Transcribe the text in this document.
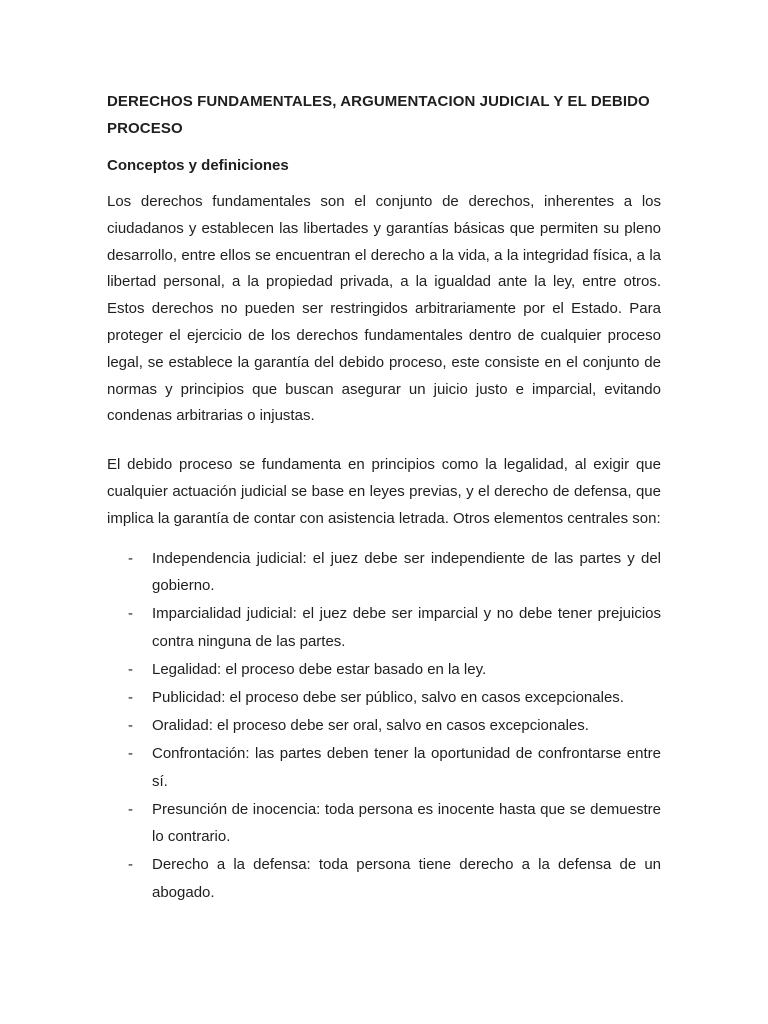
DERECHOS FUNDAMENTALES, ARGUMENTACION JUDICIAL Y EL DEBIDO PROCESO
Conceptos y definiciones

Los derechos fundamentales son el conjunto de derechos, inherentes a los ciudadanos y establecen las libertades y garantías básicas que permiten su pleno desarrollo, entre ellos se encuentran el derecho a la vida, a la integridad física, a la libertad personal, a la propiedad privada, a la igualdad ante la ley, entre otros. Estos derechos no pueden ser restringidos arbitrariamente por el Estado. Para proteger el ejercicio de los derechos fundamentales dentro de cualquier proceso legal, se establece la garantía del debido proceso, este consiste en el conjunto de normas y principios que buscan asegurar un juicio justo e imparcial, evitando condenas arbitrarias o injustas.

El debido proceso se fundamenta en principios como la legalidad, al exigir que cualquier actuación judicial se base en leyes previas, y el derecho de defensa, que implica la garantía de contar con asistencia letrada. Otros elementos centrales son:

- Independencia judicial: el juez debe ser independiente de las partes y del gobierno.
- Imparcialidad judicial: el juez debe ser imparcial y no debe tener prejuicios contra ninguna de las partes.
- Legalidad: el proceso debe estar basado en la ley.
- Publicidad: el proceso debe ser público, salvo en casos excepcionales.
- Oralidad: el proceso debe ser oral, salvo en casos excepcionales.
- Confrontación: las partes deben tener la oportunidad de confrontarse entre sí.
- Presunción de inocencia: toda persona es inocente hasta que se demuestre lo contrario.
- Derecho a la defensa: toda persona tiene derecho a la defensa de un abogado.
